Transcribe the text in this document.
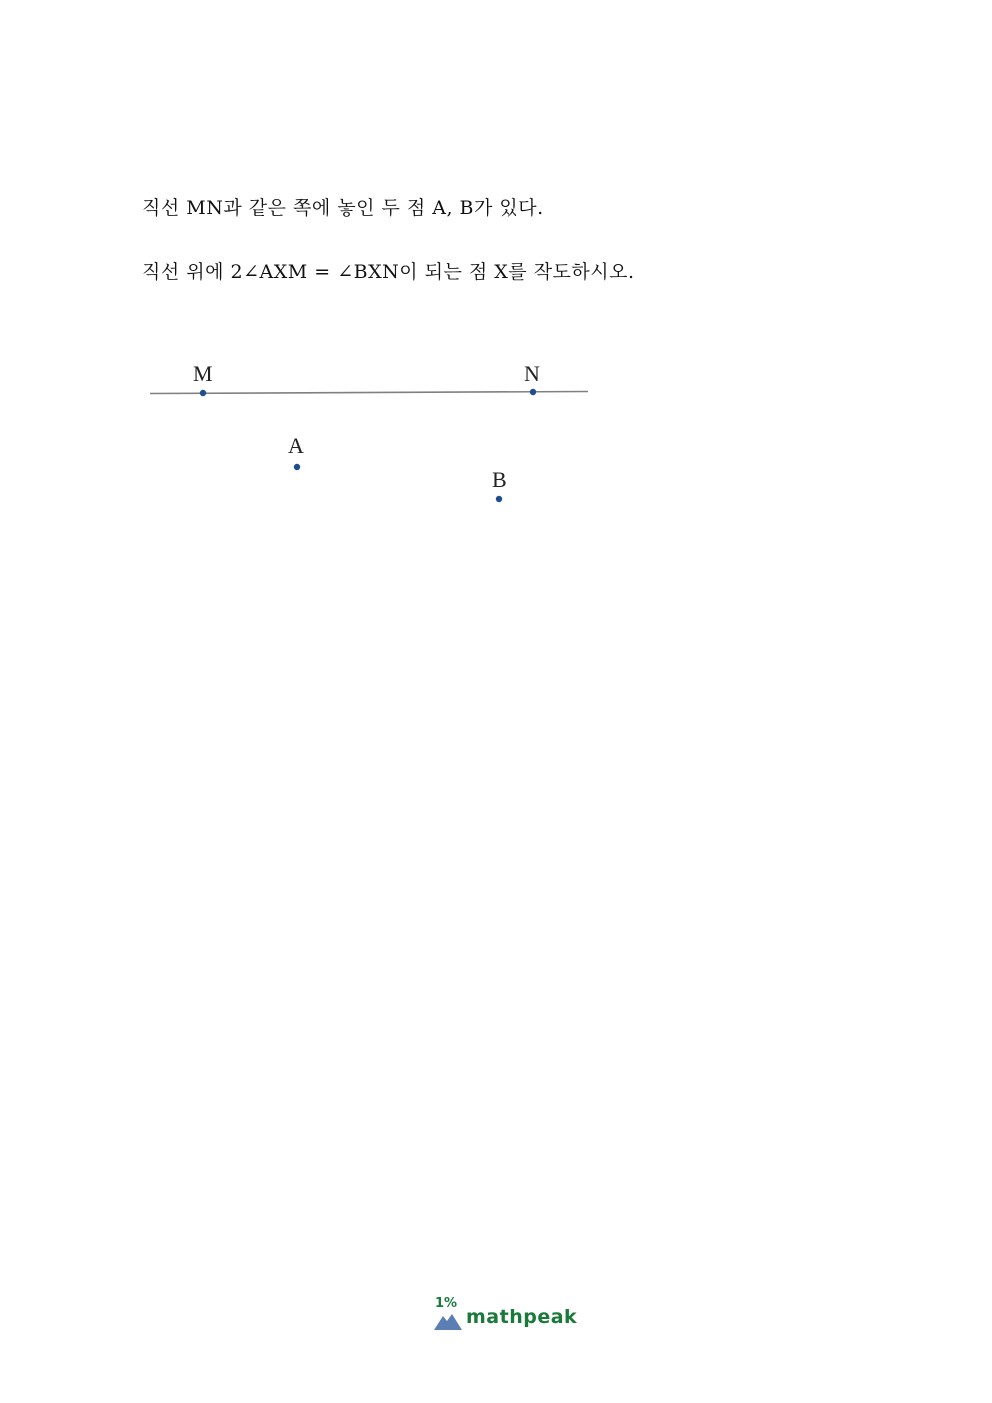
직선 MN과 같은 쪽에 놓인 두 점 A, B가 있다.
직선 위에 2∠AXM = ∠BXN이 되는 점 X를 작도하시오.
M	N
A
B
1%
mathpeak
